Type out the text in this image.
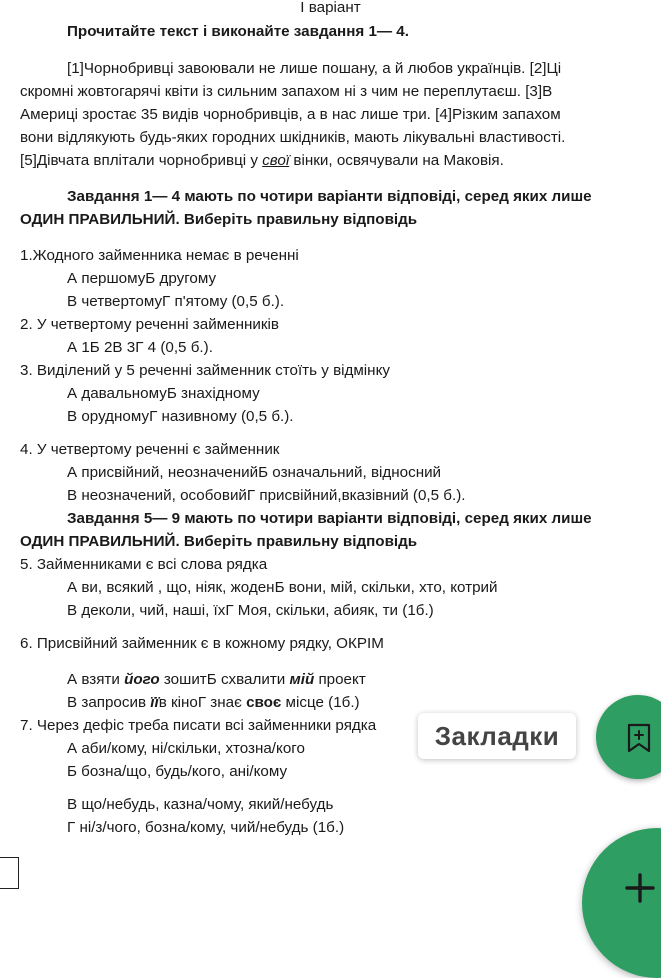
І варіант
Прочитайте текст і виконайте завдання 1— 4.
[1]Чорнобривці завоювали не лише пошану, а й любов українців. [2]Ці
скромні жовтогарячі квіти із сильним запахом ні з чим не переплутаєш. [3]В
Америці зростає 35 видів чорнобривців, а в нас лише три. [4]Різким запахом
вони відлякують будь-яких городних шкідників, мають лікувальні властивості.
[5]Дівчата вплітали чорнобривці у свої вінки, освячували на Маковія.
Завдання 1— 4 мають по чотири варіанти відповіді, серед яких лише
ОДИН ПРАВИЛЬНИЙ. Виберіть правильну відповідь
1.Жодного займенника немає в реченні
А першомуБ другому
В четвертомуГ п'ятому (0,5 б.).
2. У четвертому реченні займенників
А 1Б 2В 3Г 4 (0,5 б.).
3. Виділений у 5 реченні займенник стоїть у відмінку
А давальномуБ знахідному
В орудномуГ називному (0,5 б.).
4. У четвертому реченні є займенник
А присвійний, неозначенийБ означальний, відносний
В неозначений, особовийГ присвійний,вказівний (0,5 б.).
Завдання 5— 9 мають по чотири варіанти відповіді, серед яких лише
ОДИН ПРАВИЛЬНИЙ. Виберіть правильну відповідь
5. Займенниками є всі слова рядка
А ви, всякий , що, ніяк, жоденБ вони, мій, скільки, хто, котрий
В деколи, чий, наші, їхГ Моя, скільки, абияк, ти (1б.)
6. Присвійний займенник є в кожному рядку, ОКРІМ
А взяти його зошитБ схвалити мій проект
В запросив їїв кіноГ знає своє місце (1б.)
7. Через дефіс треба писати всі займенники рядка
А аби/кому, ні/скільки, хтозна/кого
Б бозна/що, будь/кого, ані/кому
В що/небудь, казна/чому, який/небудь
Г ні/з/чого, бозна/кому, чий/небудь (1б.)
Закладки
